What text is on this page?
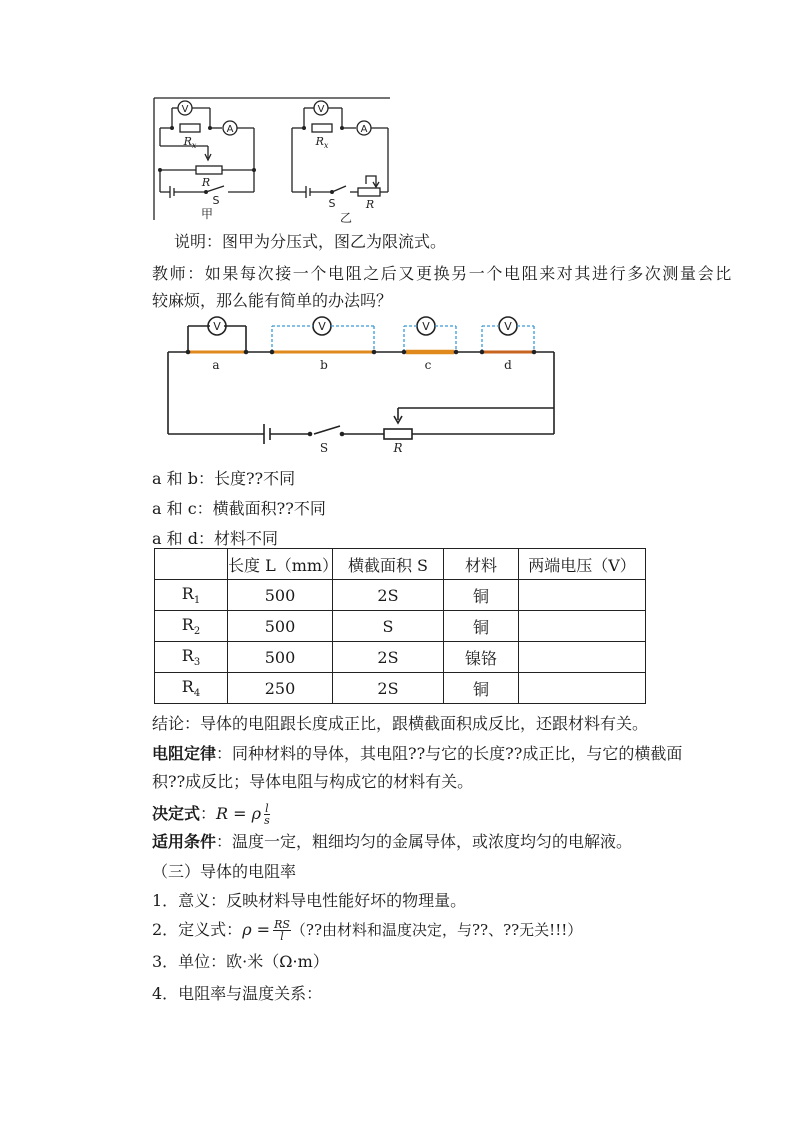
V
A
V
A
$R_x$
R
$R_x$
R
S	S
甲	乙
说明：图甲为分压式，图乙为限流式。
教师：如果每次接一个电阻之后又更换另一个电阻来对其进行多次测量会比
较麻烦，那么能有简单的办法吗？
V	V	V	V
a	b	c	d
S	R
a 和 b：长度??不同
a 和 c：横截面积??不同
a 和 d：材料不同
	长度 L（mm）	横截面积 S	材料	两端电压（V）
$R_1$	500	2S	铜	
$R_2$	500	S	铜	
$R_3$	500	2S	镍铬	
$R_4$	250	2S	铜	
结论：导体的电阻跟长度成正比，跟横截面积成反比，还跟材料有关。
电阻定律：同种材料的导体，其电阻??与它的长度??成正比，与它的横截面
积??成反比；导体电阻与构成它的材料有关。
决定式：R = ρ $\frac{l}{s}$
适用条件：温度一定，粗细均匀的金属导体，或浓度均匀的电解液。
（三）导体的电阻率
1．意义：反映材料导电性能好坏的物理量。
2．定义式：$\rho = \frac{RS}{l}$ （??由材料和温度决定，与??、??无关!!!）
3．单位：欧·米（Ω·m）
4．电阻率与温度关系：
